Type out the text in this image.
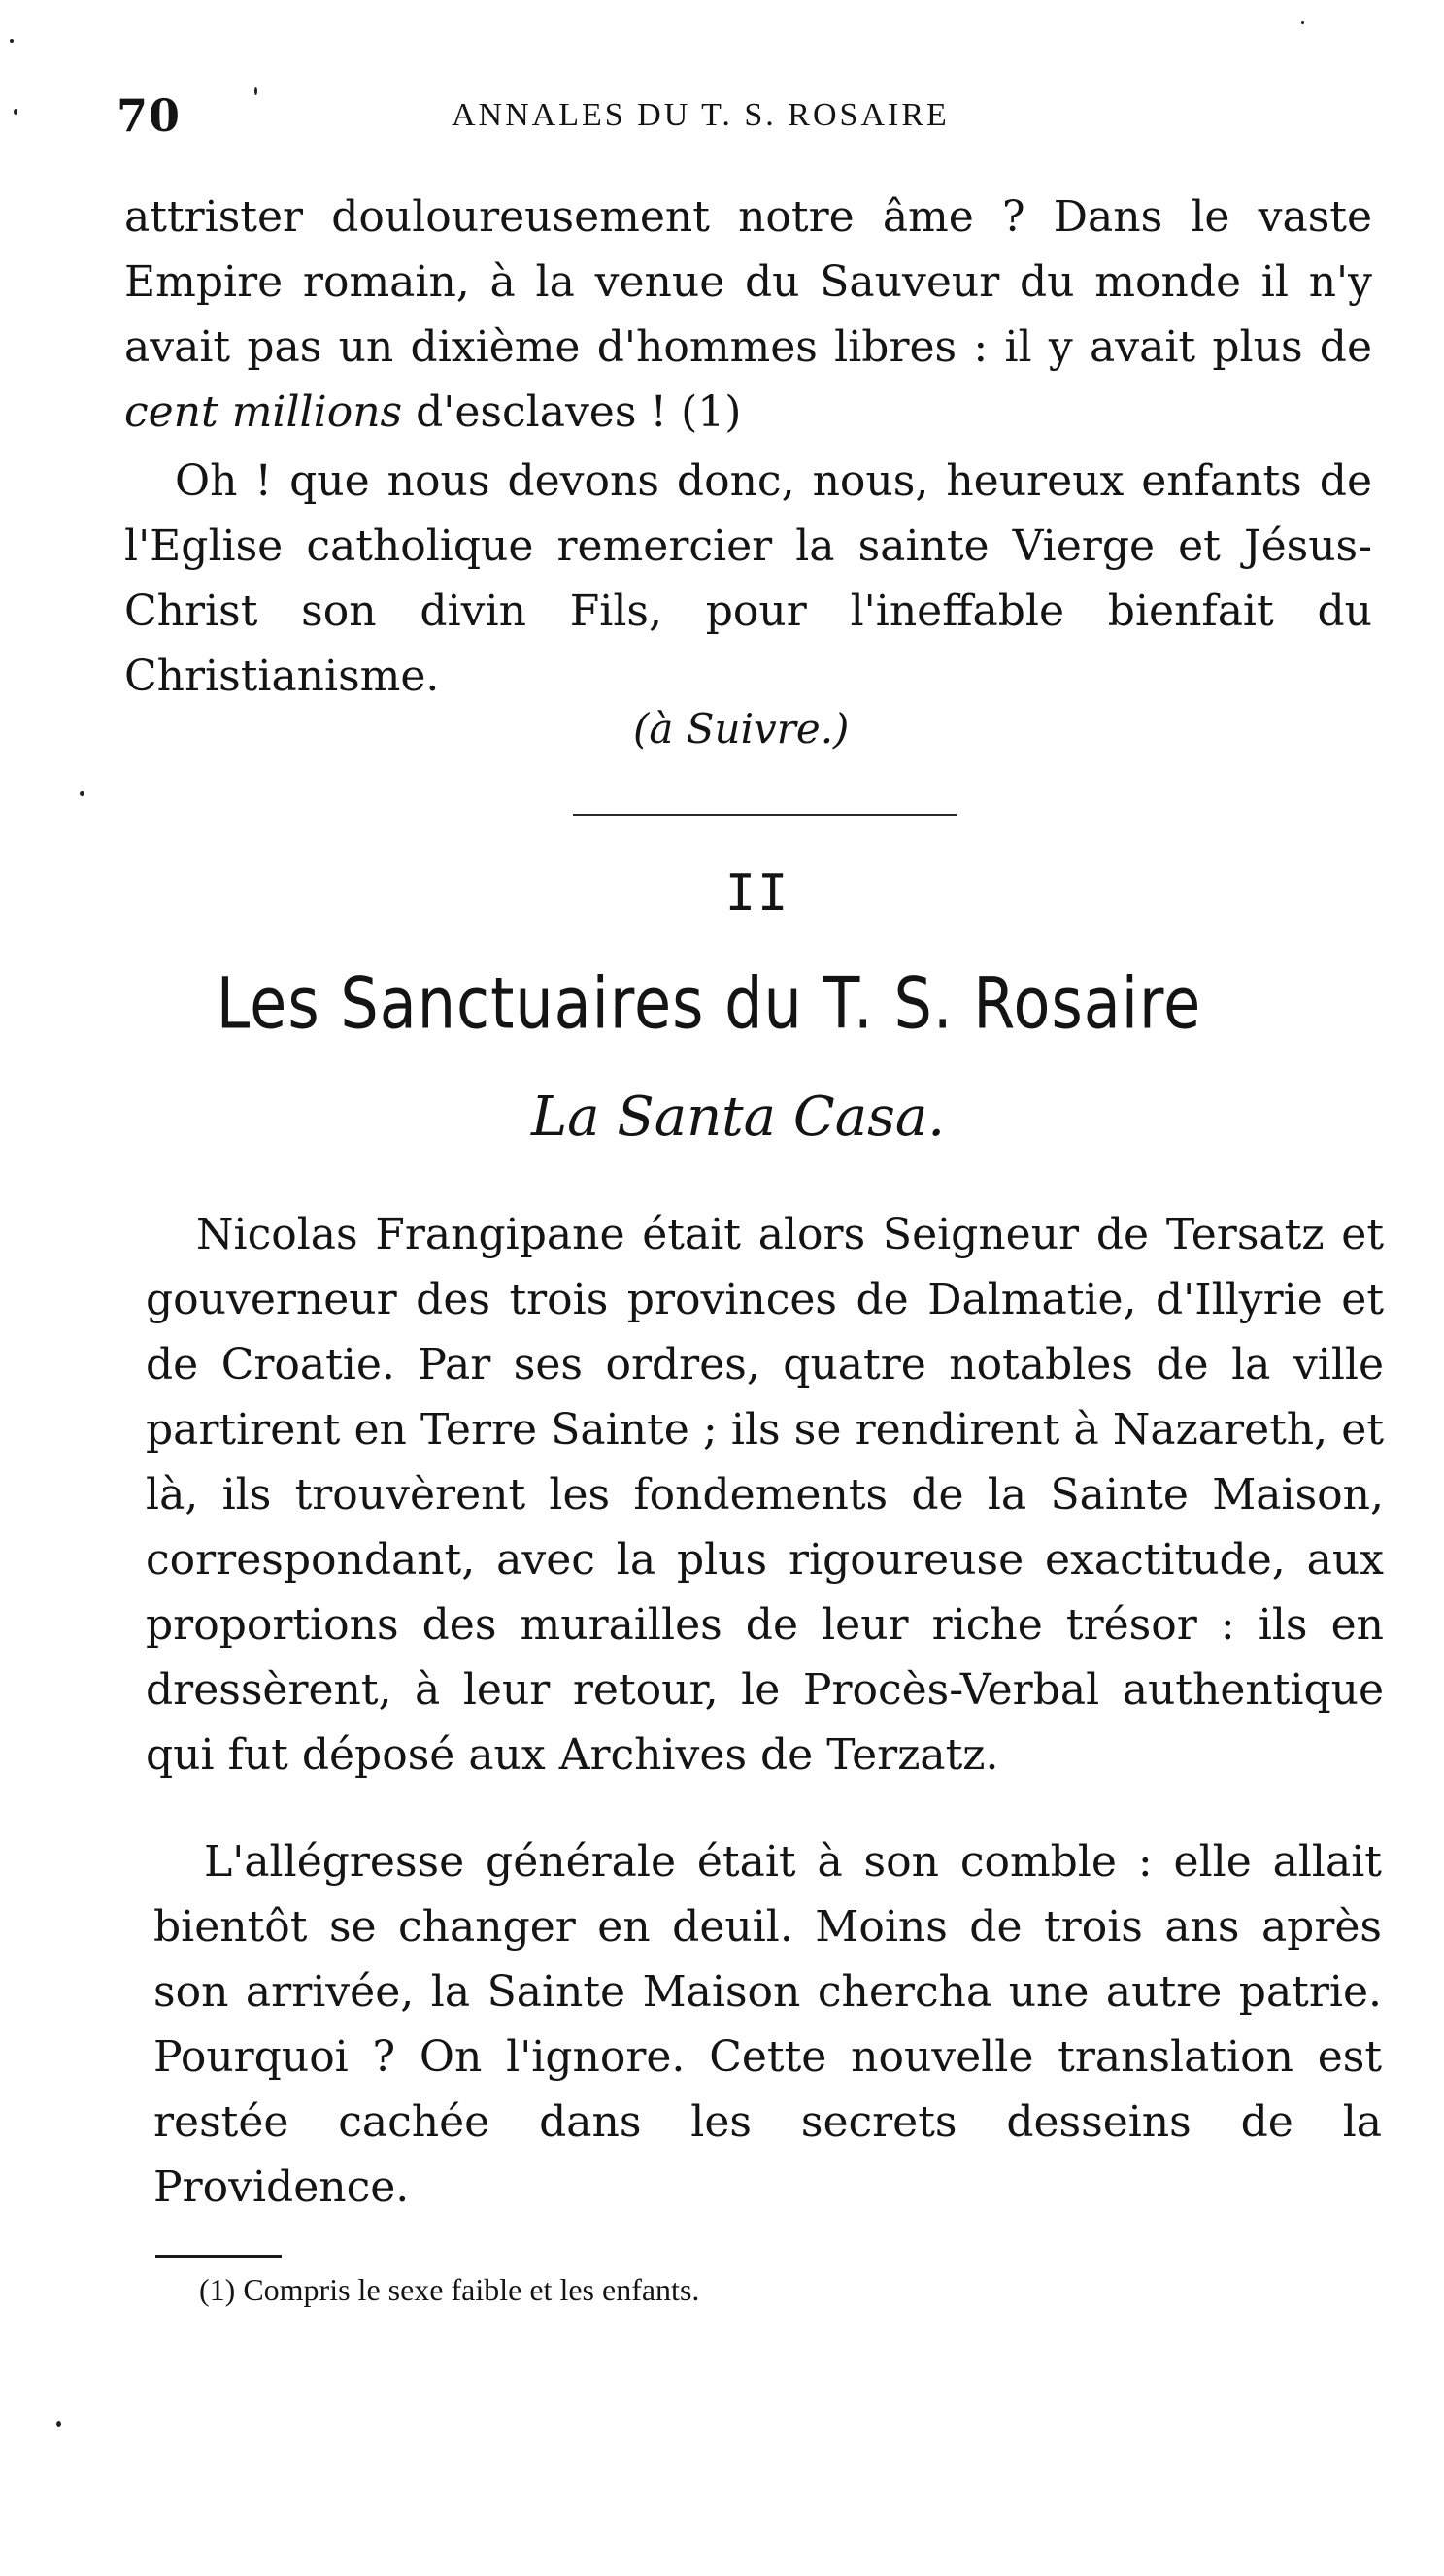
70	ANNALES DU T. S. ROSAIRE

attrister douloureusement notre âme ? Dans le vaste Empire romain, à la venue du Sauveur du monde il n'y avait pas un dixième d'hommes libres : il y avait plus de cent millions d'esclaves ! (1)

Oh ! que nous devons donc, nous, heureux enfants de l'Eglise catholique remercier la sainte Vierge et Jésus-Christ son divin Fils, pour l'ineffable bienfait du Christianisme.

(à Suivre.)
II
Les Sanctuaires du T. S. Rosaire
La Santa Casa.

Nicolas Frangipane était alors Seigneur de Tersatz et gouverneur des trois provinces de Dalmatie, d'Illyrie et de Croatie. Par ses ordres, quatre notables de la ville partirent en Terre Sainte ; ils se rendirent à Nazareth, et là, ils trouvèrent les fondements de la Sainte Maison, correspondant, avec la plus rigoureuse exactitude, aux proportions des murailles de leur riche trésor : ils en dressèrent, à leur retour, le Procès-Verbal authentique qui fut déposé aux Archives de Terzatz.

L'allégresse générale était à son comble : elle allait bientôt se changer en deuil. Moins de trois ans après son arrivée, la Sainte Maison chercha une autre patrie. Pourquoi ? On l'ignore. Cette nouvelle translation est restée cachée dans les secrets desseins de la Providence.

(1) Compris le sexe faible et les enfants.
